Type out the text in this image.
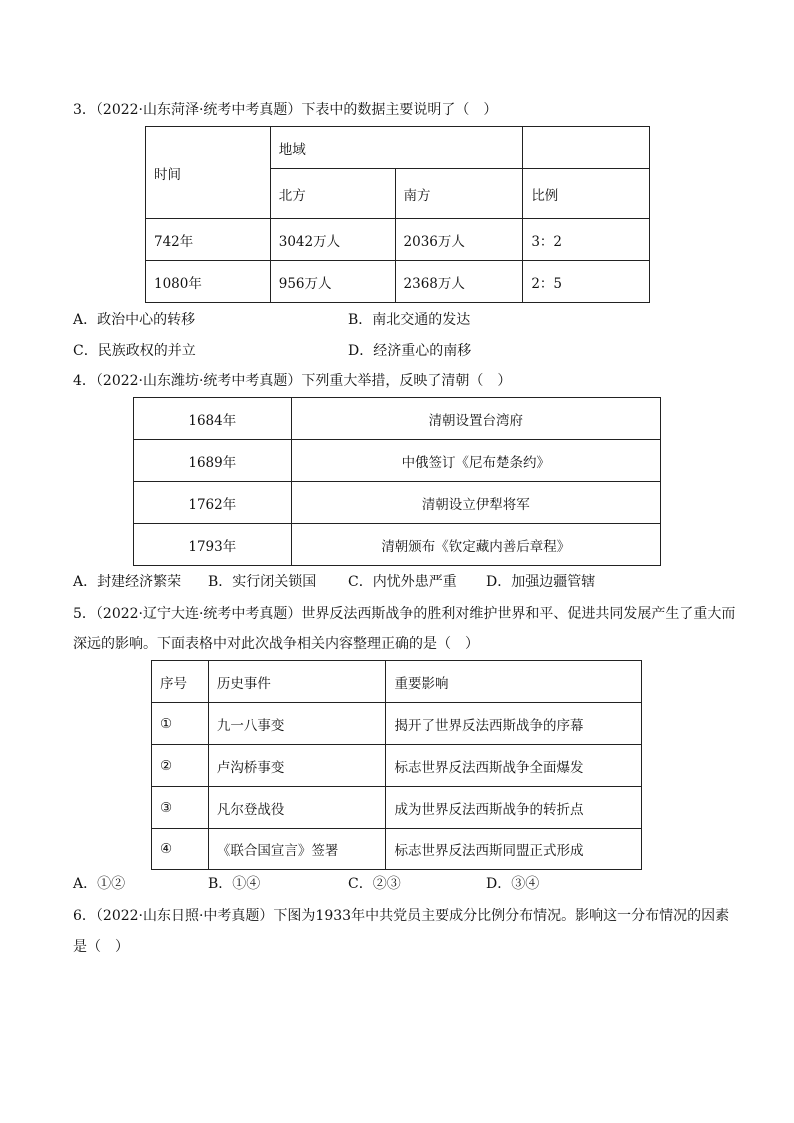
3．（2022·山东菏泽·统考中考真题）下表中的数据主要说明了（　）
时间	地域		
	北方	南方	比例
742年	3042万人	2036万人	3：2
1080年	956万人	2368万人	2：5
A．政治中心的转移	B．南北交通的发达
C．民族政权的并立	D．经济重心的南移
4．（2022·山东潍坊·统考中考真题）下列重大举措，反映了清朝（　）
1684年	清朝设置台湾府
1689年	中俄签订《尼布楚条约》
1762年	清朝设立伊犁将军
1793年	清朝颁布《钦定藏内善后章程》
A．封建经济繁荣 B．实行闭关锁国 C．内忧外患严重 D．加强边疆管辖
5．（2022·辽宁大连·统考中考真题）世界反法西斯战争的胜利对维护世界和平、促进共同发展产生了重大而
深远的影响。下面表格中对此次战争相关内容整理正确的是（　）
序号	历史事件	重要影响
①	九一八事变	揭开了世界反法西斯战争的序幕
②	卢沟桥事变	标志世界反法西斯战争全面爆发
③	凡尔登战役	成为世界反法西斯战争的转折点
④	《联合国宣言》签署	标志世界反法西斯同盟正式形成
A．①②	B．①④	C．②③	D．③④
6．（2022·山东日照·中考真题）下图为1933年中共党员主要成分比例分布情况。影响这一分布情况的因素
是（　）
